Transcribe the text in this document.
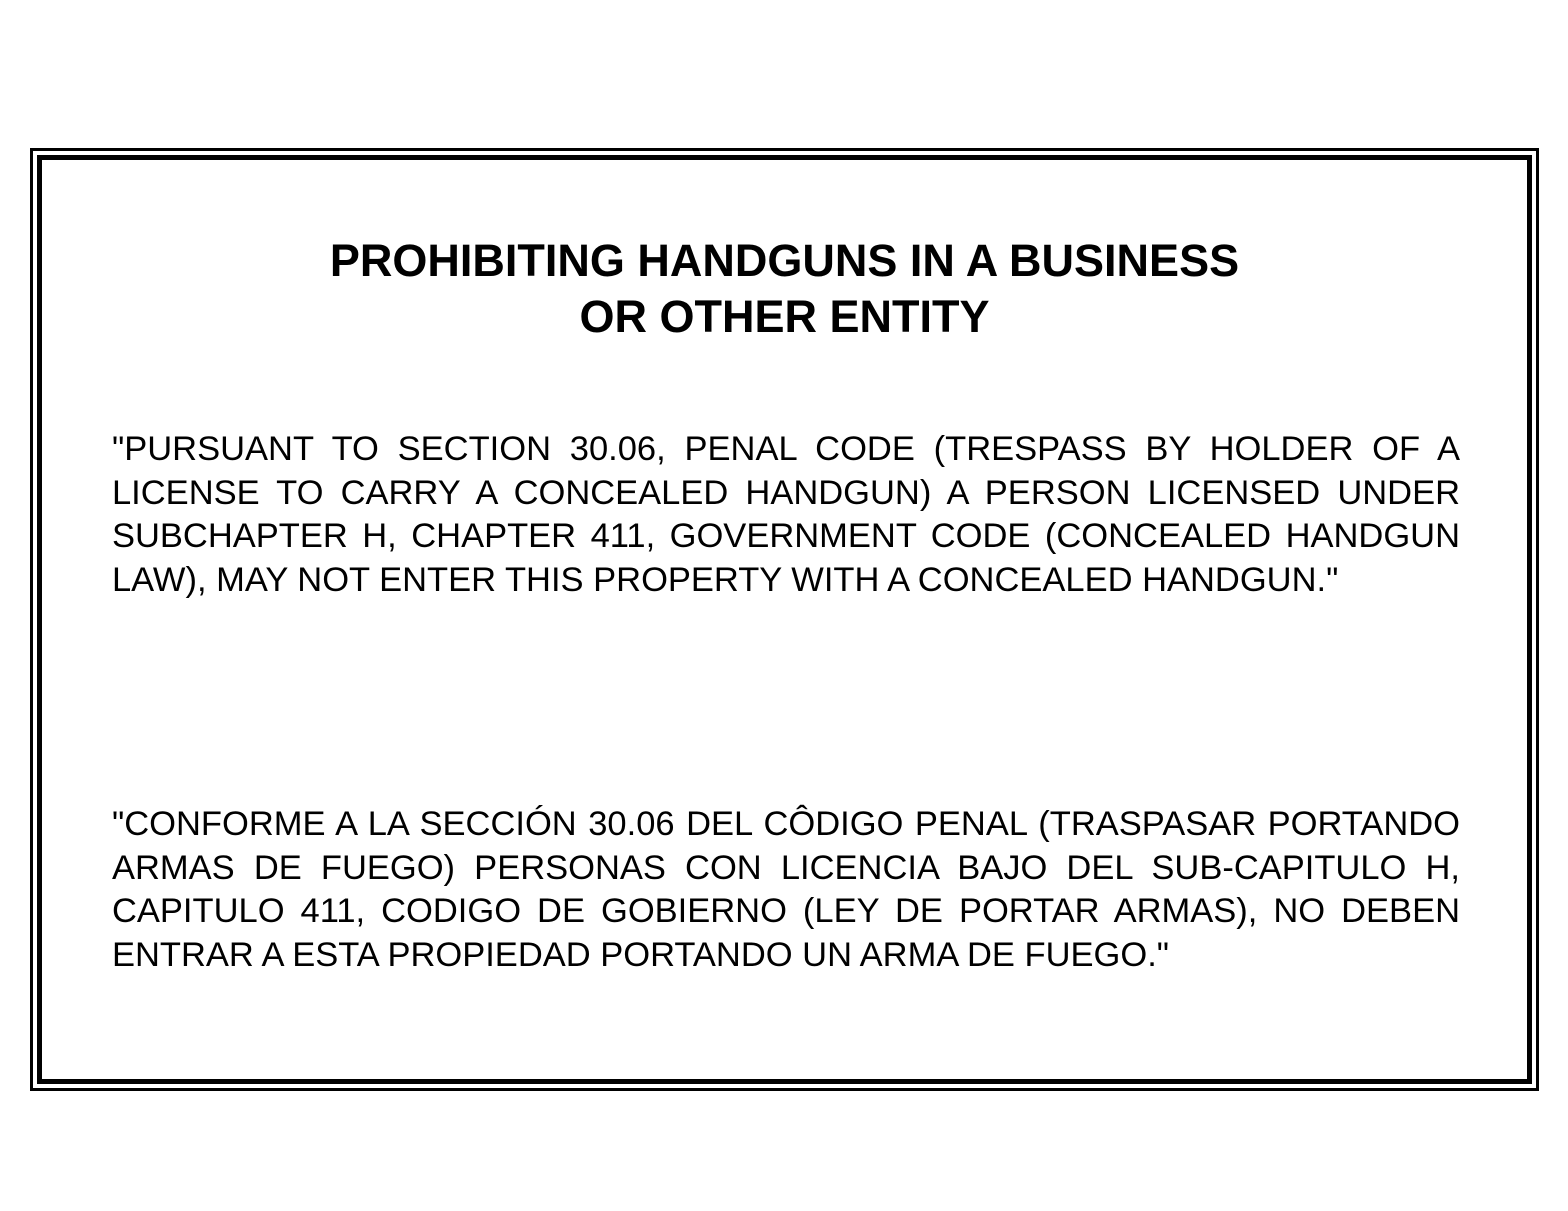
PROHIBITING HANDGUNS IN A BUSINESS
OR OTHER ENTITY

"PURSUANT TO SECTION 30.06, PENAL CODE (TRESPASS BY HOLDER OF A LICENSE TO CARRY A CONCEALED HANDGUN) A PERSON LICENSED UNDER SUBCHAPTER H, CHAPTER 411, GOVERNMENT CODE (CONCEALED HANDGUN LAW), MAY NOT ENTER THIS PROPERTY WITH A CONCEALED HANDGUN."

"CONFORME A LA SECCIÓN 30.06 DEL CÔDIGO PENAL (TRASPASAR PORTANDO ARMAS DE FUEGO) PERSONAS CON LICENCIA BAJO DEL SUB-CAPITULO H, CAPITULO 411, CODIGO DE GOBIERNO (LEY DE PORTAR ARMAS), NO DEBEN ENTRAR A ESTA PROPIEDAD PORTANDO UN ARMA DE FUEGO."
